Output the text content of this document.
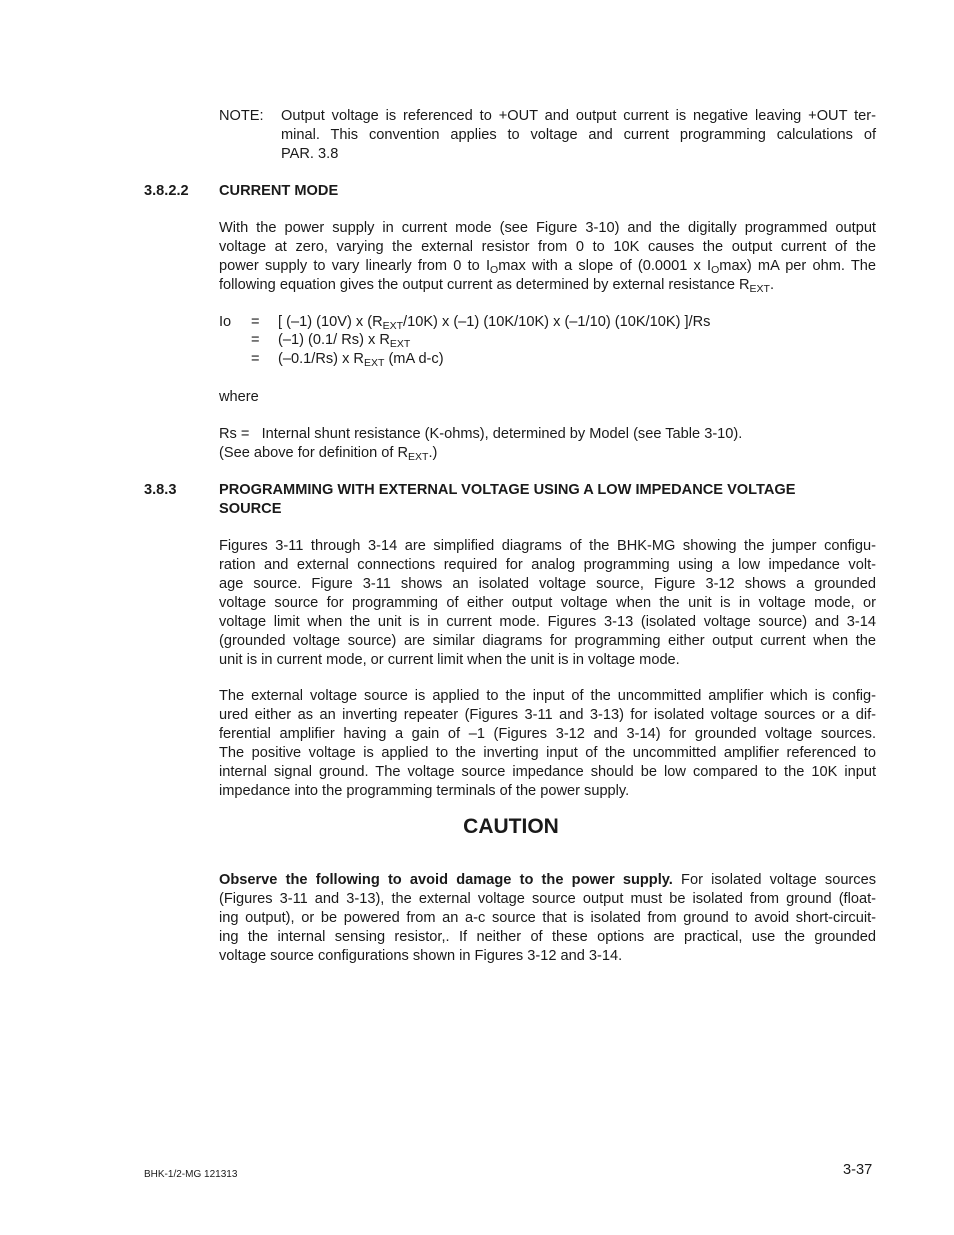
NOTE: Output voltage is referenced to +OUT and output current is negative leaving +OUT ter-
minal. This convention applies to voltage and current programming calculations of
PAR. 3.8
3.8.2.2 CURRENT MODE
With the power supply in current mode (see Figure 3-10) and the digitally programmed output
voltage at zero, varying the external resistor from 0 to 10K causes the output current of the
power supply to vary linearly from 0 to $I_O\max$ with a slope of (0.0001 x $I_O\max$) mA per ohm. The
following equation gives the output current as determined by external resistance $R_{EXT}$.
Io = [ (–1) (10V) x $(R_{EXT}/10K)$ x (–1) (10K/10K) x (–1/10) (10K/10K) ]/Rs
= (–1) (0.1/ Rs) x $R_{EXT}$
= (–0.1/Rs) x $R_{EXT}$ (mA d-c)
where
Rs =   Internal shunt resistance (K-ohms), determined by Model (see Table 3-10).
(See above for definition of $R_{EXT}$.)
3.8.3	PROGRAMMING WITH EXTERNAL VOLTAGE USING A LOW IMPEDANCE VOLTAGE
SOURCE
Figures 3-11 through 3-14 are simplified diagrams of the BHK-MG showing the jumper configu-
ration and external connections required for analog programming using a low impedance volt-
age source. Figure 3-11 shows an isolated voltage source, Figure 3-12 shows a grounded
voltage source for programming of either output voltage when the unit is in voltage mode, or
voltage limit when the unit is in current mode. Figures 3-13 (isolated voltage source) and 3-14
(grounded voltage source) are similar diagrams for programming either output current when the
unit is in current mode, or current limit when the unit is in voltage mode.
The external voltage source is applied to the input of the uncommitted amplifier which is config-
ured either as an inverting repeater (Figures 3-11 and 3-13) for isolated voltage sources or a dif-
ferential amplifier having a gain of –1 (Figures 3-12 and 3-14) for grounded voltage sources.
The positive voltage is applied to the inverting input of the uncommitted amplifier referenced to
internal signal ground. The voltage source impedance should be low compared to the 10K input
impedance into the programming terminals of the power supply.
CAUTION
Observe the following to avoid damage to the power supply. For isolated voltage sources
(Figures 3-11 and 3-13), the external voltage source output must be isolated from ground (float-
ing output), or be powered from an a-c source that is isolated from ground to avoid short-circuit-
ing the internal sensing resistor,. If neither of these options are practical, use the grounded
voltage source configurations shown in Figures 3-12 and 3-14.
BHK-1/2-MG 121313	3-37
